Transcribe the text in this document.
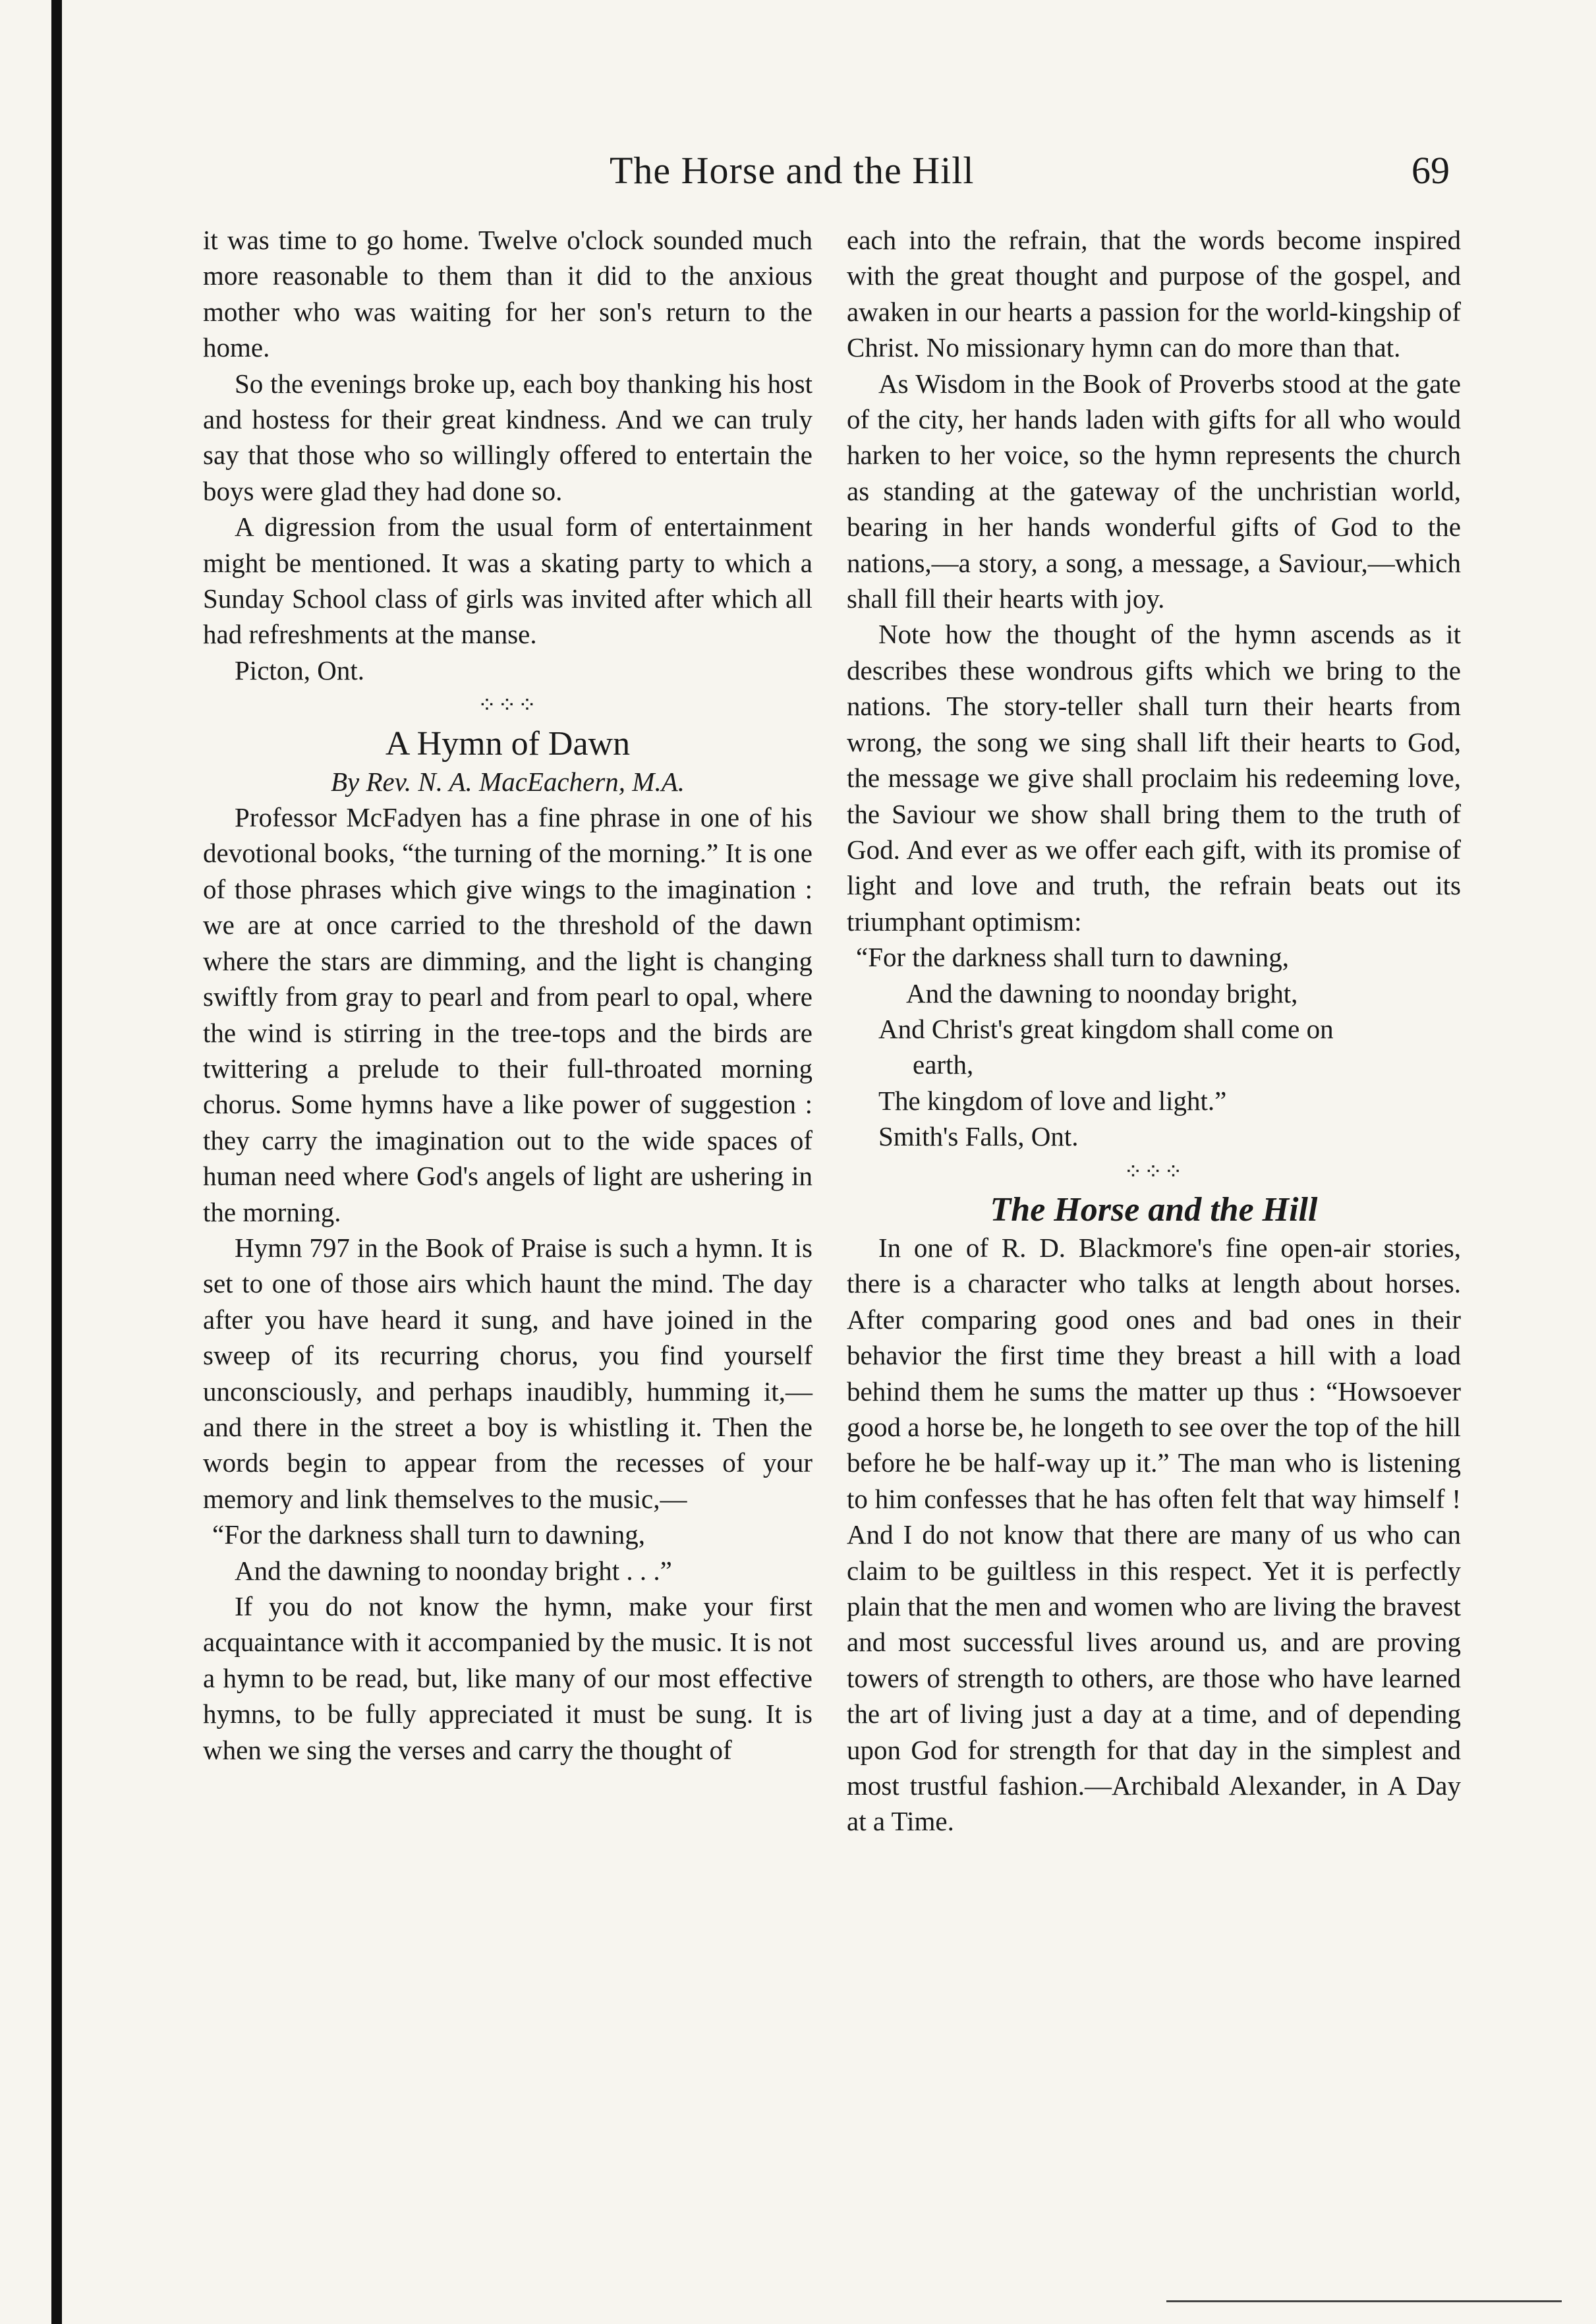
The Horse and the Hill	69

it was time to go home. Twelve o'clock sounded much more reasonable to them than it did to the anxious mother who was waiting for her son's return to the home.

So the evenings broke up, each boy thanking his host and hostess for their great kindness. And we can truly say that those who so willingly offered to entertain the boys were glad they had done so.

A digression from the usual form of entertainment might be mentioned. It was a skating party to which a Sunday School class of girls was invited after which all had refreshments at the manse.

Picton, Ont.

⁘⁘⁘
A Hymn of Dawn
By Rev. N. A. MacEachern, M.A.

Professor McFadyen has a fine phrase in one of his devotional books, “the turning of the morning.” It is one of those phrases which give wings to the imagination : we are at once carried to the threshold of the dawn where the stars are dimming, and the light is changing swiftly from gray to pearl and from pearl to opal, where the wind is stirring in the tree-tops and the birds are twittering a prelude to their full-throated morning chorus. Some hymns have a like power of suggestion : they carry the imagination out to the wide spaces of human need where God's angels of light are ushering in the morning.

Hymn 797 in the Book of Praise is such a hymn. It is set to one of those airs which haunt the mind. The day after you have heard it sung, and have joined in the sweep of its recurring chorus, you find yourself unconsciously, and perhaps inaudibly, humming it,—and there in the street a boy is whistling it. Then the words begin to appear from the recesses of your memory and link themselves to the music,—

“For the darkness shall turn to dawning,

And the dawning to noonday bright . . .”

If you do not know the hymn, make your first acquaintance with it accompanied by the music. It is not a hymn to be read, but, like many of our most effective hymns, to be fully appreciated it must be sung. It is when we sing the verses and carry the thought of

each into the refrain, that the words become inspired with the great thought and purpose of the gospel, and awaken in our hearts a passion for the world-kingship of Christ. No missionary hymn can do more than that.

As Wisdom in the Book of Proverbs stood at the gate of the city, her hands laden with gifts for all who would harken to her voice, so the hymn represents the church as standing at the gateway of the unchristian world, bearing in her hands wonderful gifts of God to the nations,—a story, a song, a message, a Saviour,—which shall fill their hearts with joy.

Note how the thought of the hymn ascends as it describes these wondrous gifts which we bring to the nations. The story-teller shall turn their hearts from wrong, the song we sing shall lift their hearts to God, the message we give shall proclaim his redeeming love, the Saviour we show shall bring them to the truth of God. And ever as we offer each gift, with its promise of light and love and truth, the refrain beats out its triumphant optimism:

“For the darkness shall turn to dawning,

And the dawning to noonday bright,

And Christ's great kingdom shall come on

earth,

The kingdom of love and light.”

Smith's Falls, Ont.

⁘⁘⁘
The Horse and the Hill

In one of R. D. Blackmore's fine open-air stories, there is a character who talks at length about horses. After comparing good ones and bad ones in their behavior the first time they breast a hill with a load behind them he sums the matter up thus : “Howsoever good a horse be, he longeth to see over the top of the hill before he be half-way up it.” The man who is listening to him confesses that he has often felt that way himself ! And I do not know that there are many of us who can claim to be guiltless in this respect. Yet it is perfectly plain that the men and women who are living the bravest and most successful lives around us, and are proving towers of strength to others, are those who have learned the art of living just a day at a time, and of depending upon God for strength for that day in the simplest and most trustful fashion.—Archibald Alexander, in A Day at a Time.
